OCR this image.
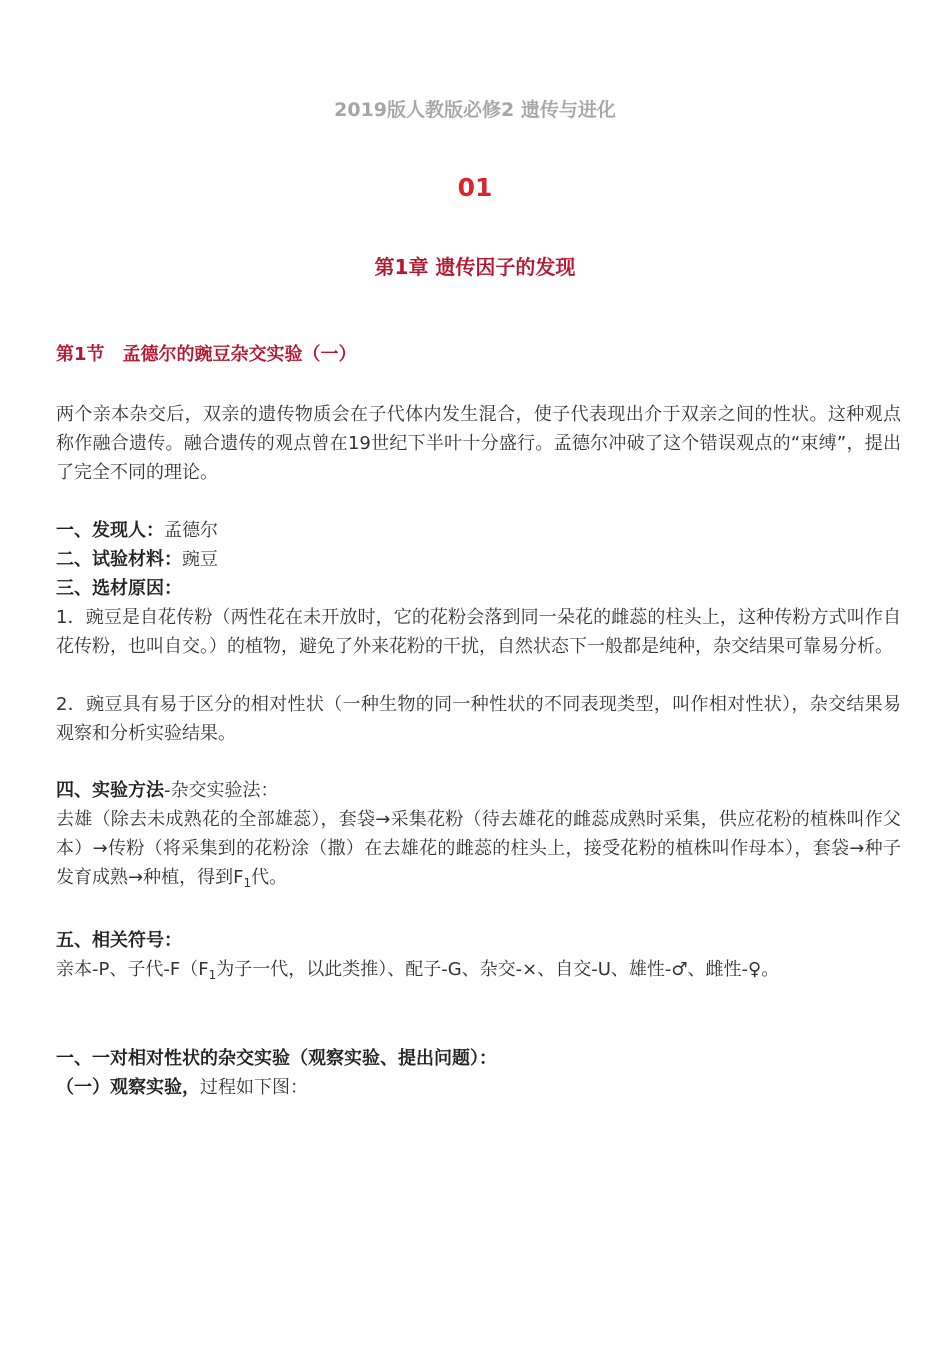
2019版人教版必修2 遗传与进化
01
第1章 遗传因子的发现
第1节 孟德尔的豌豆杂交实验（一）
两个亲本杂交后，双亲的遗传物质会在子代体内发生混合，使子代表现出介于双亲之间的性状。这种观点称作融合遗传。融合遗传的观点曾在19世纪下半叶十分盛行。孟德尔冲破了这个错误观点的“束缚”，提出了完全不同的理论。
一、发现人：孟德尔
二、试验材料：豌豆
三、选材原因：
1．豌豆是自花传粉（两性花在未开放时，它的花粉会落到同一朵花的雌蕊的柱头上，这种传粉方式叫作自花传粉，也叫自交。）的植物，避免了外来花粉的干扰，自然状态下一般都是纯种，杂交结果可靠易分析。
2．豌豆具有易于区分的相对性状（一种生物的同一种性状的不同表现类型，叫作相对性状），杂交结果易观察和分析实验结果。
四、实验方法-杂交实验法：
去雄（除去未成熟花的全部雄蕊），套袋→采集花粉（待去雄花的雌蕊成熟时采集，供应花粉的植株叫作父本）→传粉（将采集到的花粉涂（撒）在去雄花的雌蕊的柱头上，接受花粉的植株叫作母本），套袋→种子发育成熟→种植，得到$F_1$代。
五、相关符号：
亲本-P、子代$-F(F_1$为子一代，以此类推）、配子-G、杂交-×、自交-U、雄性-♂、雌性-♀。
一、一对相对性状的杂交实验（观察实验、提出问题）：
（一）观察实验，过程如下图：
